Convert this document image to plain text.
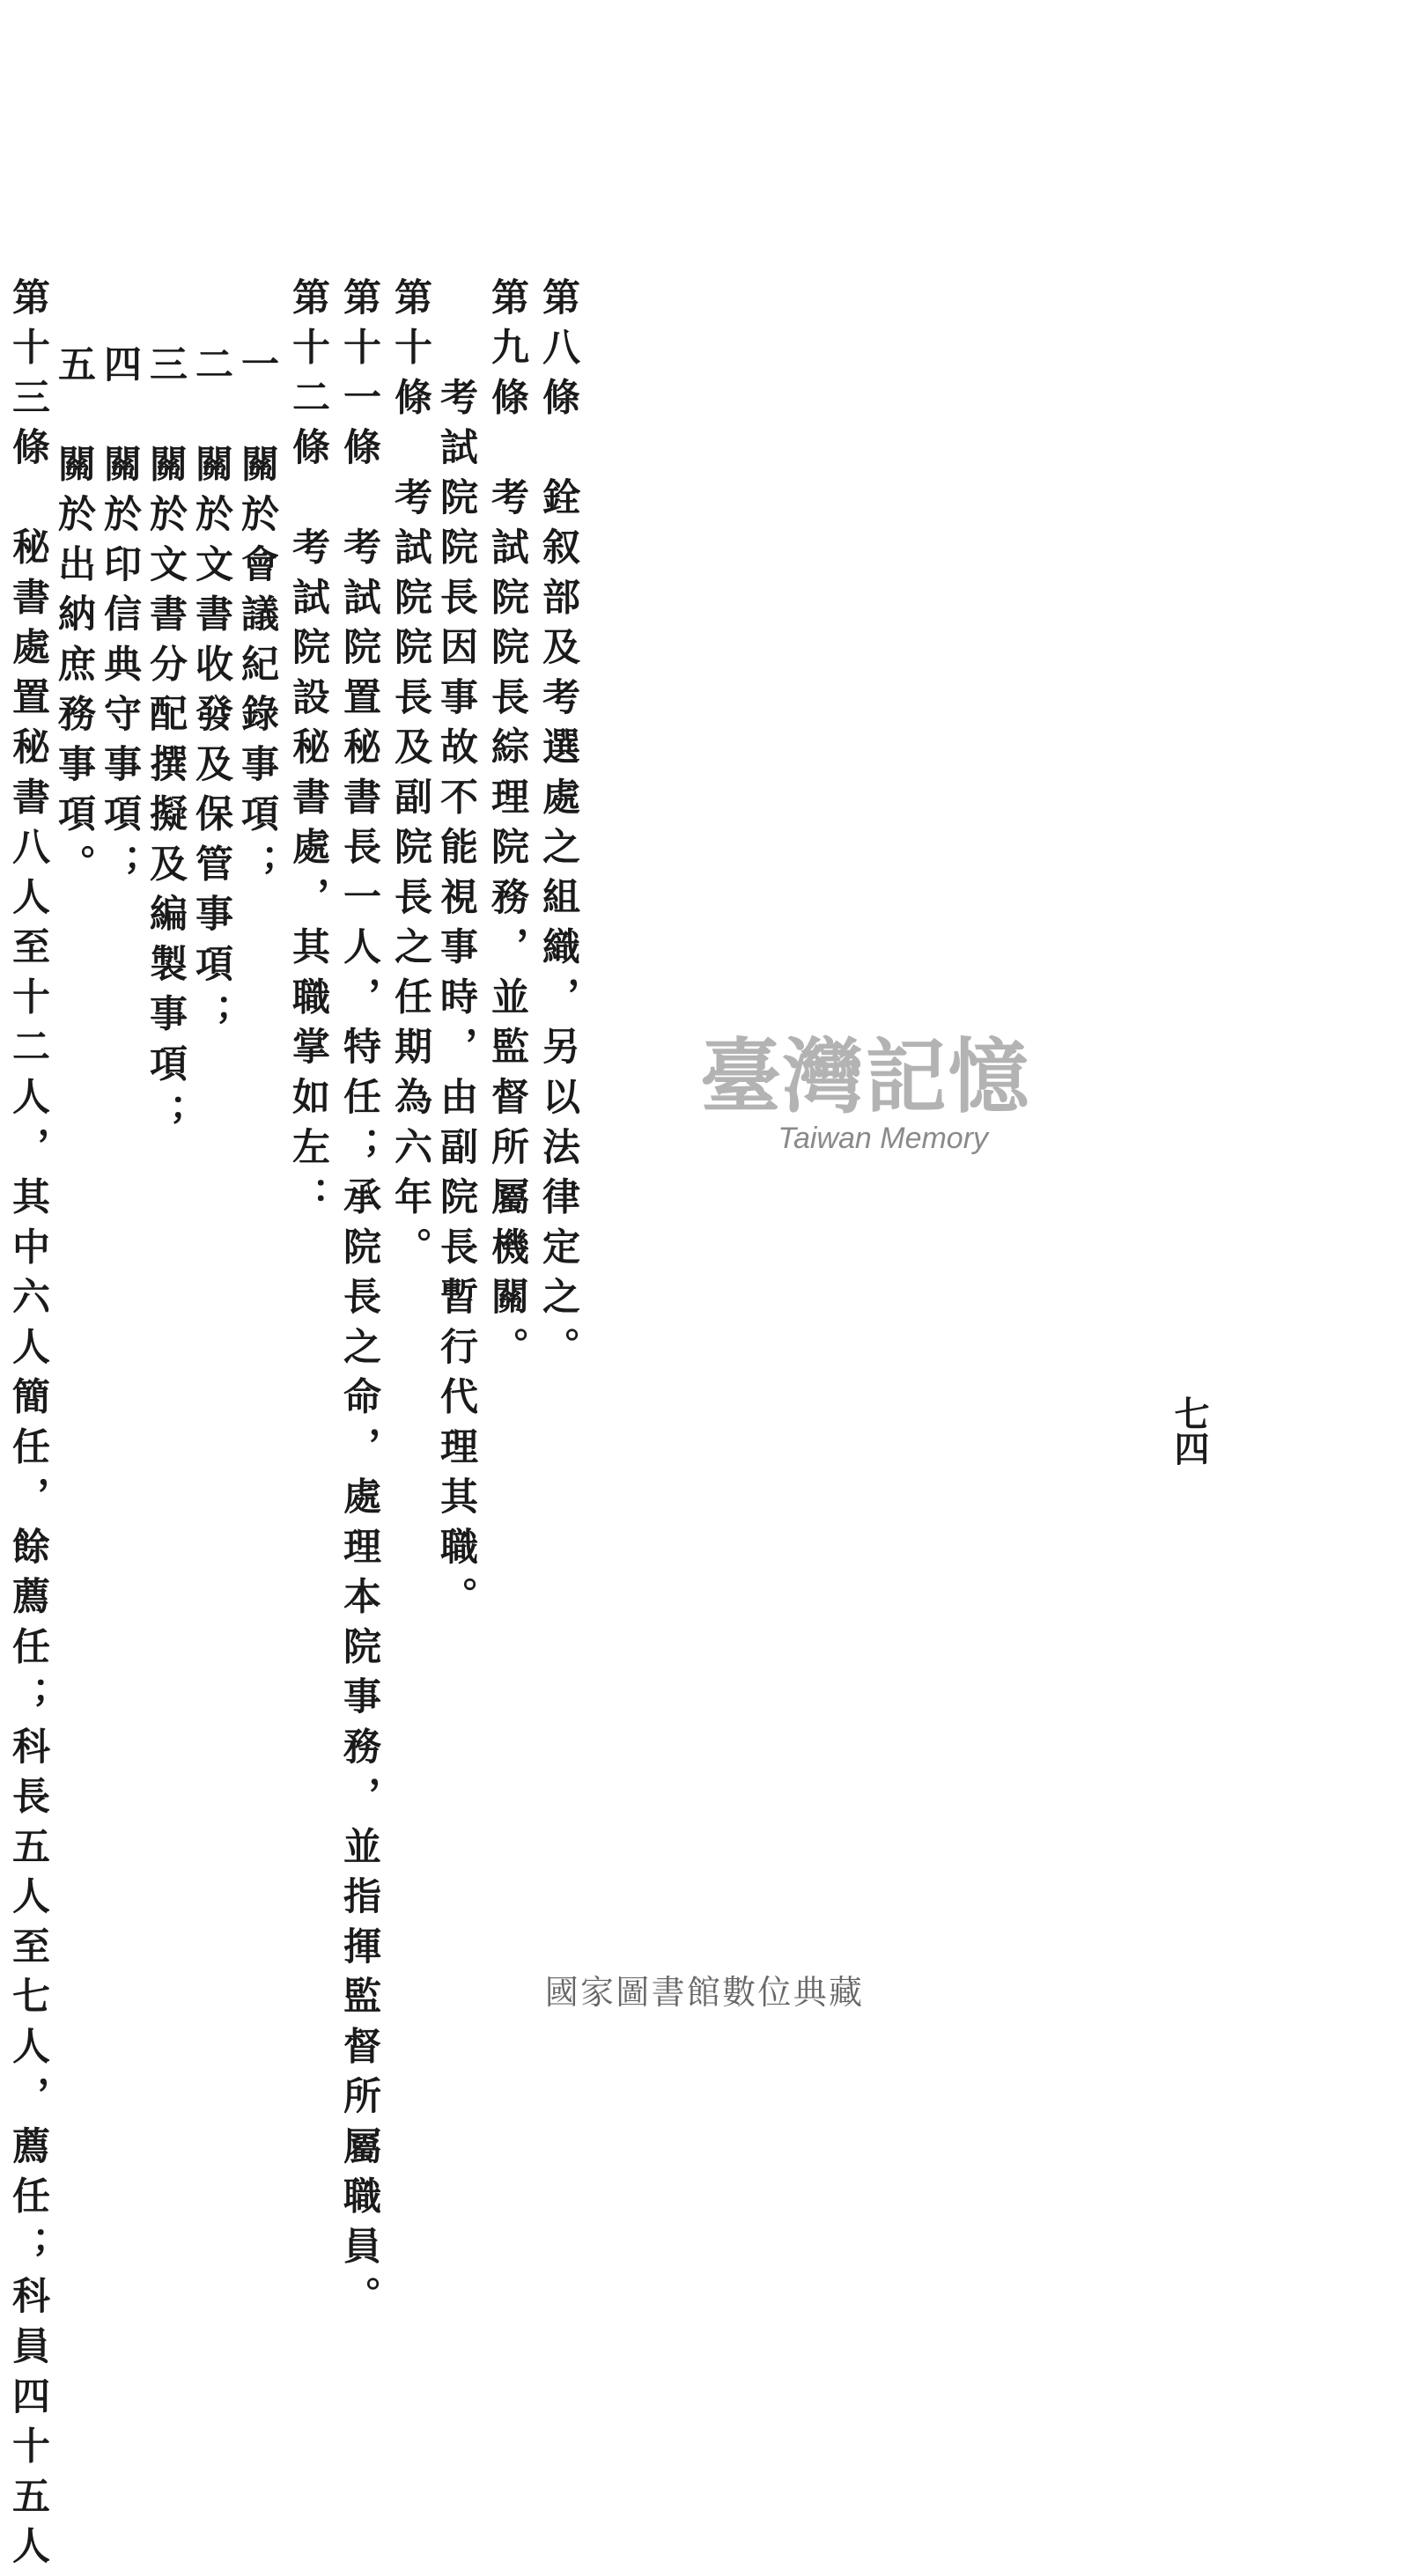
七四
第八條　銓叙部及考選處之組織，另以法律定之。
第九條　考試院院長綜理院務，並監督所屬機關。
　　考試院院長因事故不能視事時，由副院長暫行代理其職。
第十條　考試院院長及副院長之任期為六年。
第十一條　考試院置秘書長一人，特任；承院長之命，處理本院事務，並指揮監督所屬職員。
第十二條　考試院設秘書處，其職掌如左：
一　關於會議紀錄事項；
二　關於文書收發及保管事項；
三　關於文書分配撰擬及編製事項；
四　關於印信典守事項；
五　關於出納庶務事項。
第十三條　秘書處置秘書八人至十二人，其中六人簡任，餘薦任；科長五人至七人，薦任；科員四十五人	臺灣記憶
Taiwan Memory
國家圖書館數位典藏
